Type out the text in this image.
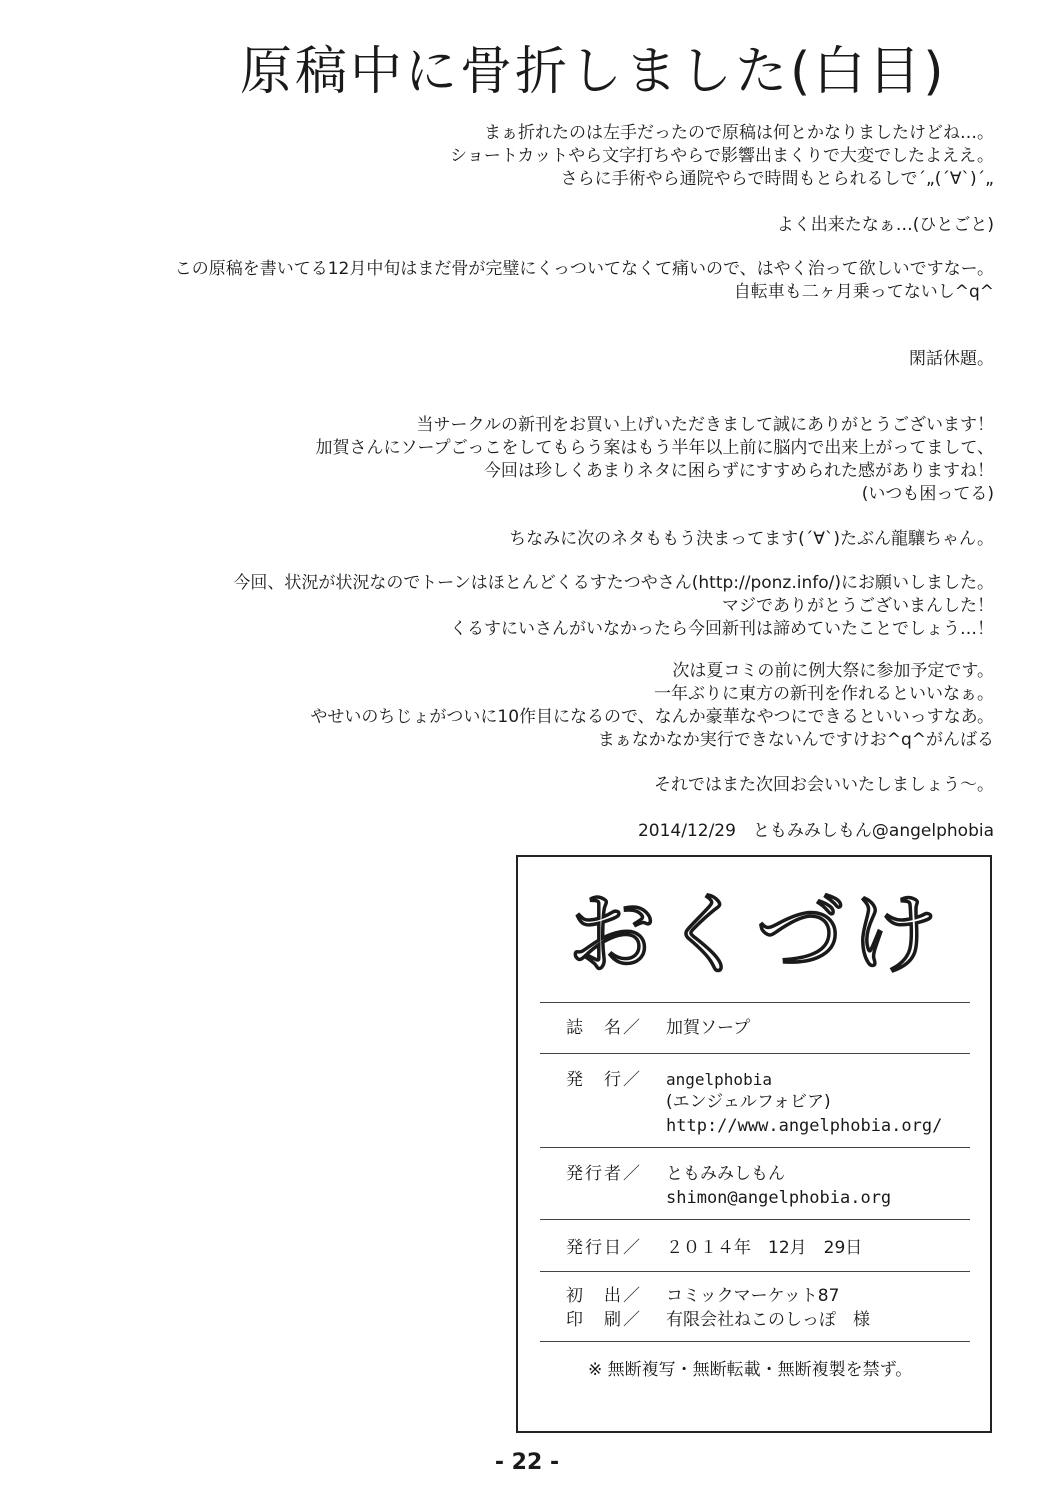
原稿中に骨折しました(白目)

まぁ折れたのは左手だったので原稿は何とかなりましたけどね…。

ショートカットやら文字打ちやらで影響出まくりで大変でしたよええ。

さらに手術やら通院やらで時間もとられるしで´„(´∀`)´„

よく出来たなぁ…(ひとごと)

この原稿を書いてる12月中旬はまだ骨が完璧にくっついてなくて痛いので、はやく治って欲しいですなー。

自転車も二ヶ月乗ってないし^q^

閑話休題。

当サークルの新刊をお買い上げいただきまして誠にありがとうございます！

加賀さんにソープごっこをしてもらう案はもう半年以上前に脳内で出来上がってまして、

今回は珍しくあまりネタに困らずにすすめられた感がありますね！

(いつも困ってる)

ちなみに次のネタももう決まってます(´∀`)たぶん龍驤ちゃん。

今回、状況が状況なのでトーンはほとんどくるすたつやさん(http://ponz.info/)にお願いしました。

マジでありがとうございまんした！

くるすにいさんがいなかったら今回新刊は諦めていたことでしょう…！

次は夏コミの前に例大祭に参加予定です。

一年ぶりに東方の新刊を作れるといいなぁ。

やせいのちじょがついに10作目になるので、なんか豪華なやつにできるといいっすなあ。

まぁなかなか実行できないんですけお^q^がんばる

それではまた次回お会いいたしましょう～。

2014/12/29　ともみみしもん@angelphobia

おくづけ
誌　名／ 加賀ソープ
発　行／ angelphobia
(エンジェルフォビア)
http://www.angelphobia.org/
発行者／ ともみみしもん
shimon@angelphobia.org
発行日／ ２０１４年　12月　29日
初　出／ コミックマーケット87
印　刷／ 有限会社ねこのしっぽ　様
※ 無断複写・無断転載・無断複製を禁ず。
- 22 -
